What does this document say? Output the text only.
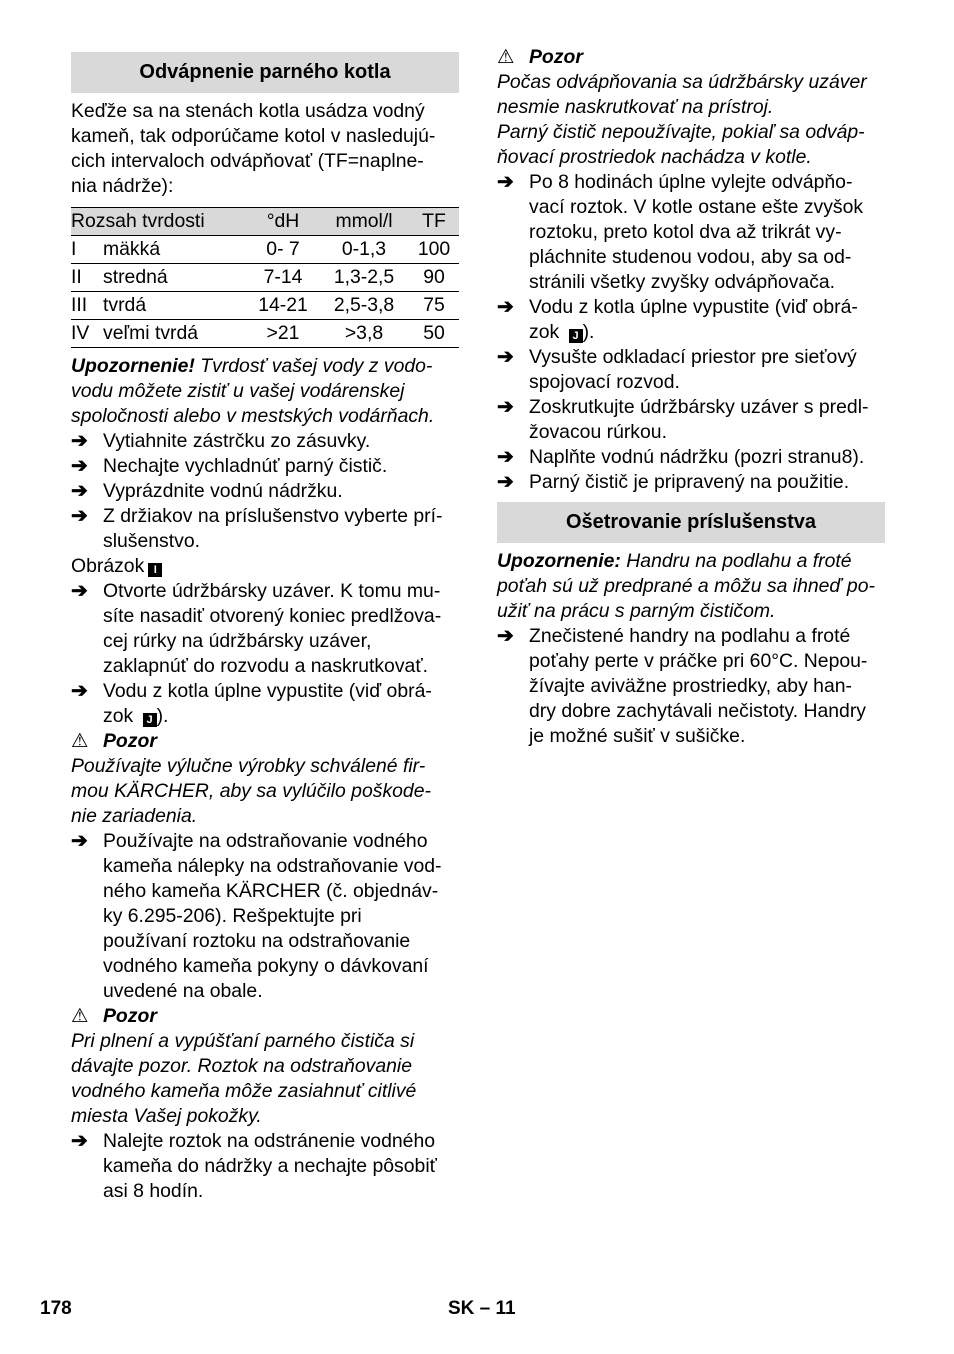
Odvápnenie parného kotla

Keďže sa na stenách kotla usádza vodný
kameň, tak odporúčame kotol v nasledujú-
cich intervaloch odvápňovať (TF=naplne-
nia nádrže):

Rozsah tvrdosti		°dH	mmol/l	TF
I	mäkká	0- 7	0-1,3	100
II	stredná	7-14	1,3-2,5	90
III	tvrdá	14-21	2,5-3,8	75
IV	veľmi tvrdá	>21	>3,8	50

Upozornenie! Tvrdosť vašej vody z vodo-
vodu môžete zistiť u vašej vodárenskej
spoločnosti alebo v mestských vodárňach.

➔ Vytiahnite zástrčku zo zásuvky.
➔ Nechajte vychladnúť parný čistič.
➔ Vyprázdnite vodnú nádržku.
➔ Z držiakov na príslušenstvo vyberte prí-
slušenstvo.

Obrázok I

➔ Otvorte údržbársky uzáver. K tomu mu-
síte nasadiť otvorený koniec predlžova-
cej rúrky na údržbársky uzáver,
zaklapnúť do rozvodu a naskrutkovať.
➔ Vodu z kotla úplne vypustite (viď obrá-
zok J ).

⚠ Pozor

Používajte výlučne výrobky schválené fir-
mou KÄRCHER, aby sa vylúčilo poškode-
nie zariadenia.

➔ Používajte na odstraňovanie vodného
kameňa nálepky na odstraňovanie vod-
ného kameňa KÄRCHER (č. objednáv-
ky 6.295-206). Rešpektujte pri
používaní roztoku na odstraňovanie
vodného kameňa pokyny o dávkovaní
uvedené na obale.

⚠ Pozor

Pri plnení a vypúšťaní parného čističa si
dávajte pozor. Roztok na odstraňovanie
vodného kameňa môže zasiahnuť citlivé
miesta Vašej pokožky.

➔ Nalejte roztok na odstránenie vodného
kameňa do nádržky a nechajte pôsobiť
asi 8 hodín.

⚠ Pozor

Počas odvápňovania sa údržbársky uzáver
nesmie naskrutkovať na prístroj.
Parný čistič nepoužívajte, pokiaľ sa odváp-
ňovací prostriedok nachádza v kotle.

➔ Po 8 hodinách úplne vylejte odvápňo-
vací roztok. V kotle ostane ešte zvyšok
roztoku, preto kotol dva až trikrát vy-
pláchnite studenou vodou, aby sa od-
stránili všetky zvyšky odvápňovača.
➔ Vodu z kotla úplne vypustite (viď obrá-
zok J ).
➔ Vysušte odkladací priestor pre sieťový
spojovací rozvod.
➔ Zoskrutkujte údržbársky uzáver s predl-
žovacou rúrkou.
➔ Naplňte vodnú nádržku (pozri stranu8).
➔ Parný čistič je pripravený na použitie.
Ošetrovanie príslušenstva

Upozornenie: Handru na podlahu a froté
poťah sú už predprané a môžu sa ihneď po-
užiť na prácu s parným čističom.

➔ Znečistené handry na podlahu a froté
poťahy perte v práčke pri 60°C. Nepou-
žívajte aviväžne prostriedky, aby han-
dry dobre zachytávali nečistoty. Handry
je možné sušiť v sušičke.
178	SK – 11
